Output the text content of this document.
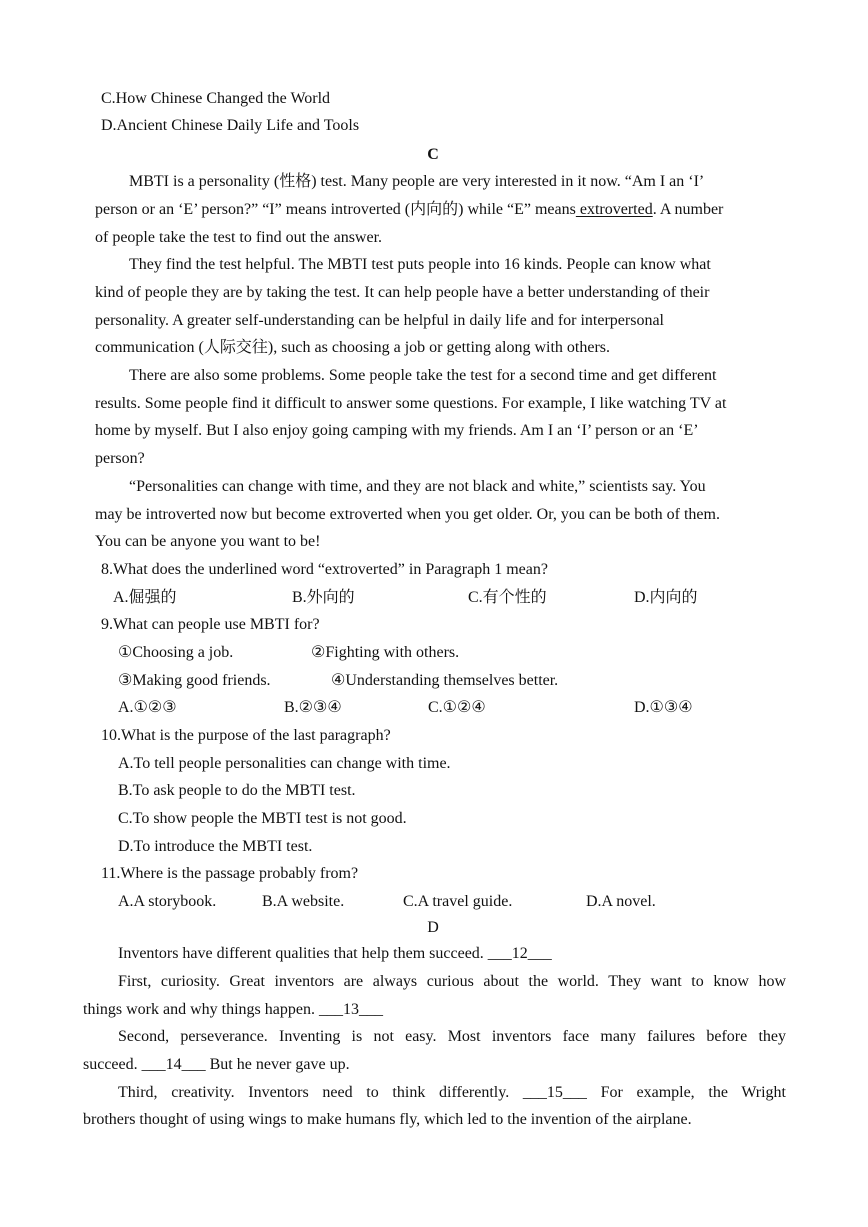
C.How Chinese Changed the World
D.Ancient Chinese Daily Life and Tools
C
MBTI is a personality (性格) test. Many people are very interested in it now. “Am I an ‘I’
person or an ‘E’ person?” “I” means introverted (内向的) while “E” means extroverted. A number
of people take the test to find out the answer.
They find the test helpful. The MBTI test puts people into 16 kinds. People can know what
kind of people they are by taking the test. It can help people have a better understanding of their
personality. A greater self-understanding can be helpful in daily life and for interpersonal
communication (人际交往), such as choosing a job or getting along with others.
There are also some problems. Some people take the test for a second time and get different
results. Some people find it difficult to answer some questions. For example, I like watching TV at
home by myself. But I also enjoy going camping with my friends. Am I an ‘I’ person or an ‘E’
person?
“Personalities can change with time, and they are not black and white,” scientists say. You
may be introverted now but become extroverted when you get older. Or, you can be both of them.
You can be anyone you want to be!
8.What does the underlined word “extroverted” in Paragraph 1 mean?
A.倔强的	B.外向的	C.有个性的	D.内向的
9.What can people use MBTI for?
①Choosing a job.	②Fighting with others.
③Making good friends.	④Understanding themselves better.
A.①②③	B.②③④	C.①②④	D.①③④
10.What is the purpose of the last paragraph?
A.To tell people personalities can change with time.
B.To ask people to do the MBTI test.
C.To show people the MBTI test is not good.
D.To introduce the MBTI test.
11.Where is the passage probably from?
A.A storybook.	B.A website.	C.A travel guide.	D.A novel.
D
Inventors have different qualities that help them succeed. ___12___
First, curiosity. Great inventors are always curious about the world. They want to know how
things work and why things happen. ___13___
Second, perseverance. Inventing is not easy. Most inventors face many failures before they
succeed. ___14___ But he never gave up.
Third, creativity. Inventors need to think differently. ___15___ For example, the Wright
brothers thought of using wings to make humans fly, which led to the invention of the airplane.
